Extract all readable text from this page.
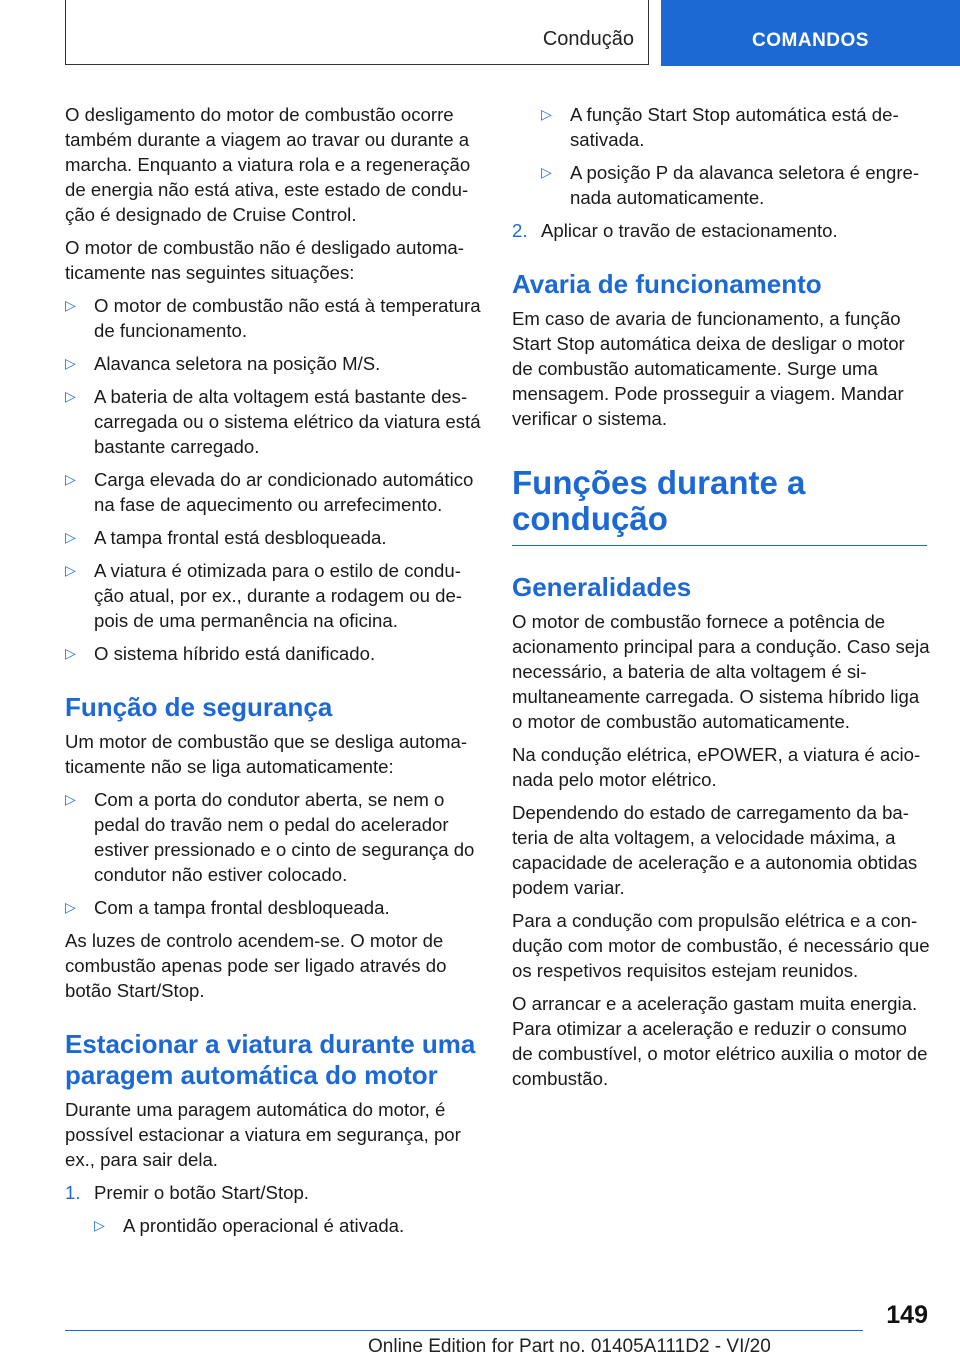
Condução	COMANDOS
O desligamento do motor de combustão ocorre também durante a viagem ao travar ou durante a marcha. Enquanto a viatura rola e a regeneração de energia não está ativa, este estado de condução é designado de Cruise Control.
O motor de combustão não é desligado automaticamente nas seguintes situações:
▷ O motor de combustão não está à temperatura de funcionamento.
▷ Alavanca seletora na posição M/S.
▷ A bateria de alta voltagem está bastante descarregada ou o sistema elétrico da viatura está bastante carregado.
▷ Carga elevada do ar condicionado automático na fase de aquecimento ou arrefecimento.
▷ A tampa frontal está desbloqueada.
▷ A viatura é otimizada para o estilo de condução atual, por ex., durante a rodagem ou depois de uma permanência na oficina.
▷ O sistema híbrido está danificado.
Função de segurança
Um motor de combustão que se desliga automaticamente não se liga automaticamente:
▷ Com a porta do condutor aberta, se nem o pedal do travão nem o pedal do acelerador estiver pressionado e o cinto de segurança do condutor não estiver colocado.
▷ Com a tampa frontal desbloqueada.
As luzes de controlo acendem-se. O motor de combustão apenas pode ser ligado através do botão Start/Stop.
Estacionar a viatura durante uma paragem automática do motor
Durante uma paragem automática do motor, é possível estacionar a viatura em segurança, por ex., para sair dela.
1. Premir o botão Start/Stop.
▷ A prontidão operacional é ativada.
▷ A função Start Stop automática está desativada.
▷ A posição P da alavanca seletora é engrenada automaticamente.
2. Aplicar o travão de estacionamento.
Avaria de funcionamento
Em caso de avaria de funcionamento, a função Start Stop automática deixa de desligar o motor de combustão automaticamente. Surge uma mensagem. Pode prosseguir a viagem. Mandar verificar o sistema.
Funções durante a condução
Generalidades
O motor de combustão fornece a potência de acionamento principal para a condução. Caso seja necessário, a bateria de alta voltagem é simultaneamente carregada. O sistema híbrido liga o motor de combustão automaticamente.
Na condução elétrica, ePOWER, a viatura é acionada pelo motor elétrico.
Dependendo do estado de carregamento da bateria de alta voltagem, a velocidade máxima, a capacidade de aceleração e a autonomia obtidas podem variar.
Para a condução com propulsão elétrica e a condução com motor de combustão, é necessário que os respetivos requisitos estejam reunidos.
O arrancar e a aceleração gastam muita energia. Para otimizar a aceleração e reduzir o consumo de combustível, o motor elétrico auxilia o motor de combustão.
149
Online Edition for Part no. 01405A111D2 - VI/20
